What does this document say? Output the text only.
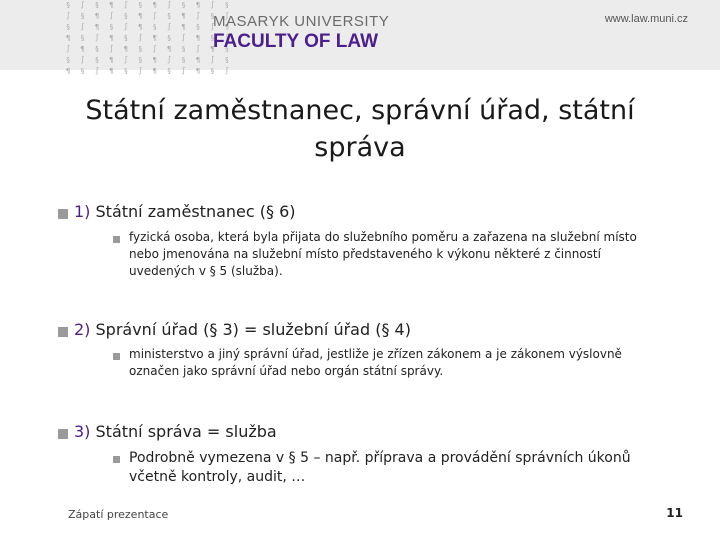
§ ∫ § ¶ ∫ § ¶ ∫ § ¶ ∫ §
∫ § ¶ ∫ § ¶ ∫ § ¶ ∫ § ∫
§ ∫ ¶ § ∫ ¶ § ∫ ¶ § ∫ ¶
¶ § ∫ ¶ § ∫ ¶ § ∫ ¶ § ∫
∫ ¶ § ∫ ¶ § ∫ ¶ § ∫ ¶ §
§ ∫ § ¶ ∫ § ¶ ∫ § ¶ ∫ §
¶ § ∫ ¶ § ∫ ¶ § ∫ ¶ § ∫
MASARYK UNIVERSITY
FACULTY OF LAW
www.law.muni.cz
Státní zaměstnanec, správní úřad, státní
správa
1) Státní zaměstnanec (§ 6)
fyzická osoba, která byla přijata do služebního poměru a zařazena na služební místo
nebo jmenována na služební místo představeného k výkonu některé z činností
uvedených v § 5 (služba).
2) Správní úřad (§ 3) = služební úřad (§ 4)
ministerstvo a jiný správní úřad, jestliže je zřízen zákonem a je zákonem výslovně
označen jako správní úřad nebo orgán státní správy.
3) Státní správa = služba
Podrobně vymezena v § 5 – např. příprava a provádění správních úkonů
včetně kontroly, audit, …
Zápatí prezentace	11
